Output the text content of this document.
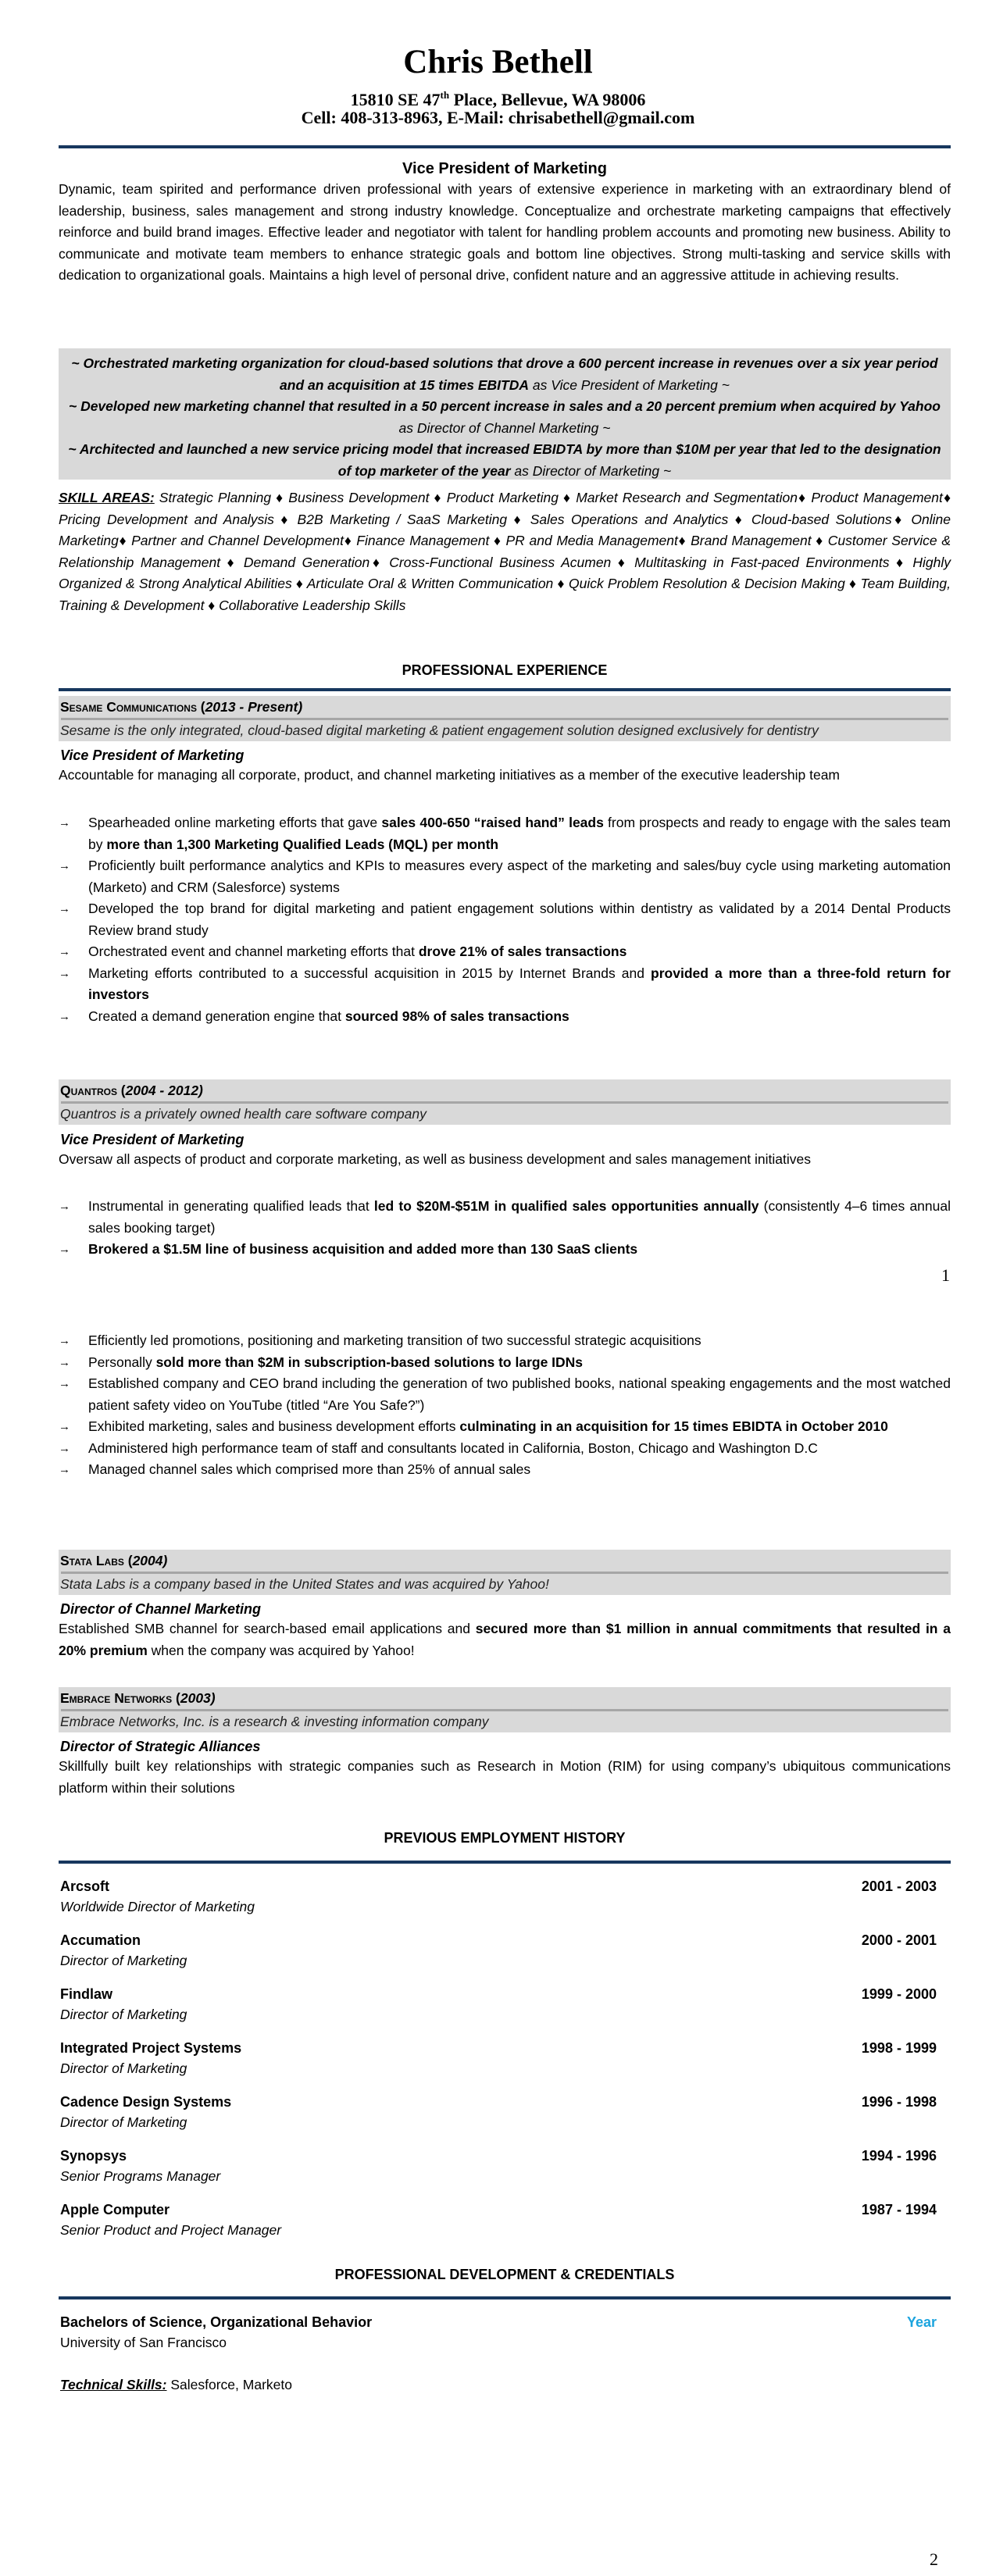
Chris Bethell
15810 SE 47th Place, Bellevue, WA 98006
Cell: 408-313-8963, E-Mail: chrisabethell@gmail.com
Vice President of Marketing
Dynamic, team spirited and performance driven professional with years of extensive experience in marketing with an extraordinary blend of leadership, business, sales management and strong industry knowledge. Conceptualize and orchestrate marketing campaigns that effectively reinforce and build brand images. Effective leader and negotiator with talent for handling problem accounts and promoting new business. Ability to communicate and motivate team members to enhance strategic goals and bottom line objectives. Strong multi-tasking and service skills with dedication to organizational goals. Maintains a high level of personal drive, confident nature and an aggressive attitude in achieving results.
~ Orchestrated marketing organization for cloud-based solutions that drove a 600 percent increase in revenues over a six year period and an acquisition at 15 times EBITDA as Vice President of Marketing ~
~ Developed new marketing channel that resulted in a 50 percent increase in sales and a 20 percent premium when acquired by Yahoo as Director of Channel Marketing ~
~ Architected and launched a new service pricing model that increased EBIDTA by more than $10M per year that led to the designation of top marketer of the year as Director of Marketing ~
SKILL AREAS: Strategic Planning ♦ Business Development ♦ Product Marketing ♦ Market Research and Segmentation♦ Product Management♦ Pricing Development and Analysis ♦ B2B Marketing / SaaS Marketing ♦ Sales Operations and Analytics ♦ Cloud-based Solutions♦ Online Marketing♦ Partner and Channel Development♦ Finance Management ♦ PR and Media Management♦ Brand Management ♦ Customer Service & Relationship Management ♦ Demand Generation♦ Cross-Functional Business Acumen ♦ Multitasking in Fast-paced Environments ♦ Highly Organized & Strong Analytical Abilities ♦ Articulate Oral & Written Communication ♦ Quick Problem Resolution & Decision Making ♦ Team Building, Training & Development ♦ Collaborative Leadership Skills
PROFESSIONAL EXPERIENCE
Sesame Communications (2013 - Present)
Sesame is the only integrated, cloud-based digital marketing & patient engagement solution designed exclusively for dentistry
Vice President of Marketing
Accountable for managing all corporate, product, and channel marketing initiatives as a member of the executive leadership team
→ Spearheaded online marketing efforts that gave sales 400-650 “raised hand” leads from prospects and ready to engage with the sales team by more than 1,300 Marketing Qualified Leads (MQL) per month
→ Proficiently built performance analytics and KPIs to measures every aspect of the marketing and sales/buy cycle using marketing automation (Marketo) and CRM (Salesforce) systems
→ Developed the top brand for digital marketing and patient engagement solutions within dentistry as validated by a 2014 Dental Products Review brand study
→ Orchestrated event and channel marketing efforts that drove 21% of sales transactions
→ Marketing efforts contributed to a successful acquisition in 2015 by Internet Brands and provided a more than a three-fold return for investors
→ Created a demand generation engine that sourced 98% of sales transactions
Quantros (2004 - 2012)
Quantros is a privately owned health care software company
Vice President of Marketing
Oversaw all aspects of product and corporate marketing, as well as business development and sales management initiatives
→ Instrumental in generating qualified leads that led to $20M-$51M in qualified sales opportunities annually (consistently 4–6 times annual sales booking target)
→ Brokered a $1.5M line of business acquisition and added more than 130 SaaS clients
1
→ Efficiently led promotions, positioning and marketing transition of two successful strategic acquisitions
→ Personally sold more than $2M in subscription-based solutions to large IDNs
→ Established company and CEO brand including the generation of two published books, national speaking engagements and the most watched patient safety video on YouTube (titled “Are You Safe?”)
→ Exhibited marketing, sales and business development efforts culminating in an acquisition for 15 times EBIDTA in October 2010
→ Administered high performance team of staff and consultants located in California, Boston, Chicago and Washington D.C
→ Managed channel sales which comprised more than 25% of annual sales
Stata Labs (2004)
Stata Labs is a company based in the United States and was acquired by Yahoo!
Director of Channel Marketing
Established SMB channel for search-based email applications and secured more than $1 million in annual commitments that resulted in a 20% premium when the company was acquired by Yahoo!
Embrace Networks (2003)
Embrace Networks, Inc. is a research & investing information company
Director of Strategic Alliances
Skillfully built key relationships with strategic companies such as Research in Motion (RIM) for using company’s ubiquitous communications platform within their solutions
PREVIOUS EMPLOYMENT HISTORY
Arcsoft	2001 - 2003
Worldwide Director of Marketing
Accumation	2000 - 2001
Director of Marketing
Findlaw	1999 - 2000
Director of Marketing
Integrated Project Systems	1998 - 1999
Director of Marketing
Cadence Design Systems	1996 - 1998
Director of Marketing
Synopsys	1994 - 1996
Senior Programs Manager
Apple Computer	1987 - 1994
Senior Product and Project Manager
PROFESSIONAL DEVELOPMENT & CREDENTIALS
Bachelors of Science, Organizational Behavior	Year
University of San Francisco
Technical Skills: Salesforce, Marketo
2
